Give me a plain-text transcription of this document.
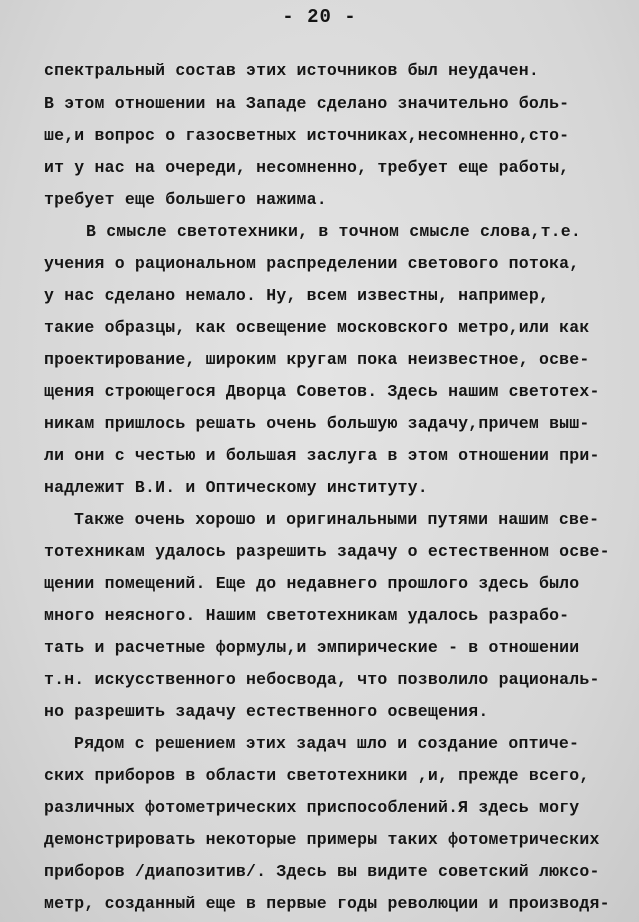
- 20 -
спектральный состав этих источников был неудачен.
В этом отношении на Западе сделано значительно боль-
ше,и вопрос о газосветных источниках,несомненно,сто-
ит у нас на очереди, несомненно, требует еще работы,
требует еще большего нажима.
В смысле светотехники, в точном смысле слова,т.е.
учения о рациональном распределении светового потока,
у нас сделано немало. Ну, всем известны, например,
такие образцы, как освещение московского метро,или как
проектирование, широким кругам пока неизвестное, осве-
щения строющегося Дворца Советов. Здесь нашим светотех-
никам пришлось решать очень большую задачу,причем выш-
ли они с честью и большая заслуга в этом отношении при-
надлежит В.И. и Оптическому институту.
Также очень хорошо и оригинальными путями нашим све-
тотехникам удалось разрешить задачу о естественном осве-
щении помещений. Еще до недавнего прошлого здесь было
много неясного. Нашим светотехникам удалось разрабо-
тать и расчетные формулы,и эмпирические - в отношении
т.н. искусственного небосвода, что позволило рациональ-
но разрешить задачу естественного освещения.
Рядом с решением этих задач шло и создание оптиче-
ских приборов в области светотехники ,и, прежде всего,
различных фотометрических приспособлений.Я здесь могу
демонстрировать некоторые примеры таких фотометрических
приборов /диапозитив/. Здесь вы видите советский люксо-
метр, созданный еще в первые годы революции и производя-
